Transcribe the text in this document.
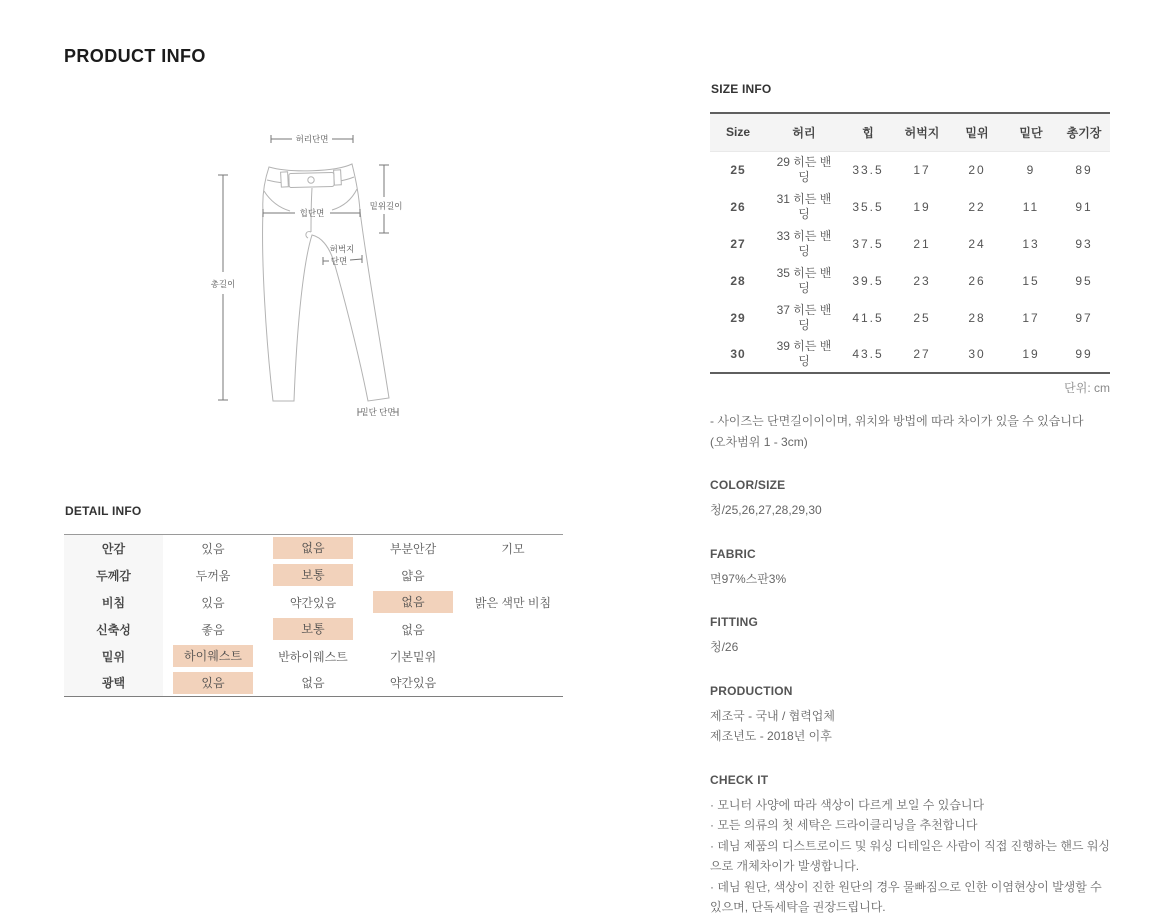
PRODUCT INFO
허리단면
총길이
밑위길이
힙단면
허벅지
단면
밑단 단면
SIZE INFO
Size	허리	힙	허벅지	밑위	밑단	총기장
25	29 히든 밴딩	33.5	17	20	9	89
26	31 히든 밴딩	35.5	19	22	11	91
27	33 히든 밴딩	37.5	21	24	13	93
28	35 히든 밴딩	39.5	23	26	15	95
29	37 히든 밴딩	41.5	25	28	17	97
30	39 히든 밴딩	43.5	27	30	19	99
단위: cm
- 사이즈는 단면길이이이며, 위치와 방법에 따라 차이가 있을 수 있습니다
(오차범위 1 - 3cm)
COLOR/SIZE
청/25,26,27,28,29,30
FABRIC
면97%스판3%
FITTING
청/26
PRODUCTION
제조국 - 국내 / 협력업체
제조년도 - 2018년 이후
CHECK IT
· 모니터 사양에 따라 색상이 다르게 보일 수 있습니다
· 모든 의류의 첫 세탁은 드라이클리닝을 추천합니다
· 데님 제품의 디스트로이드 및 워싱 디테일은 사람이 직접 진행하는 핸드 워싱으로 개체차이가 발생합니다.
· 데님 원단, 색상이 진한 원단의 경우 물빠짐으로 인한 이염현상이 발생할 수 있으며, 단독세탁을 권장드립니다.
DETAIL INFO
안감	있음	없음	부분안감	기모
두께감	두꺼움	보통	얇음	
비침	있음	약간있음	없음	밝은 색만 비침
신축성	좋음	보통	없음	
밑위	하이웨스트	반하이웨스트	기본밑위	
광택	있음	없음	약간있음	
